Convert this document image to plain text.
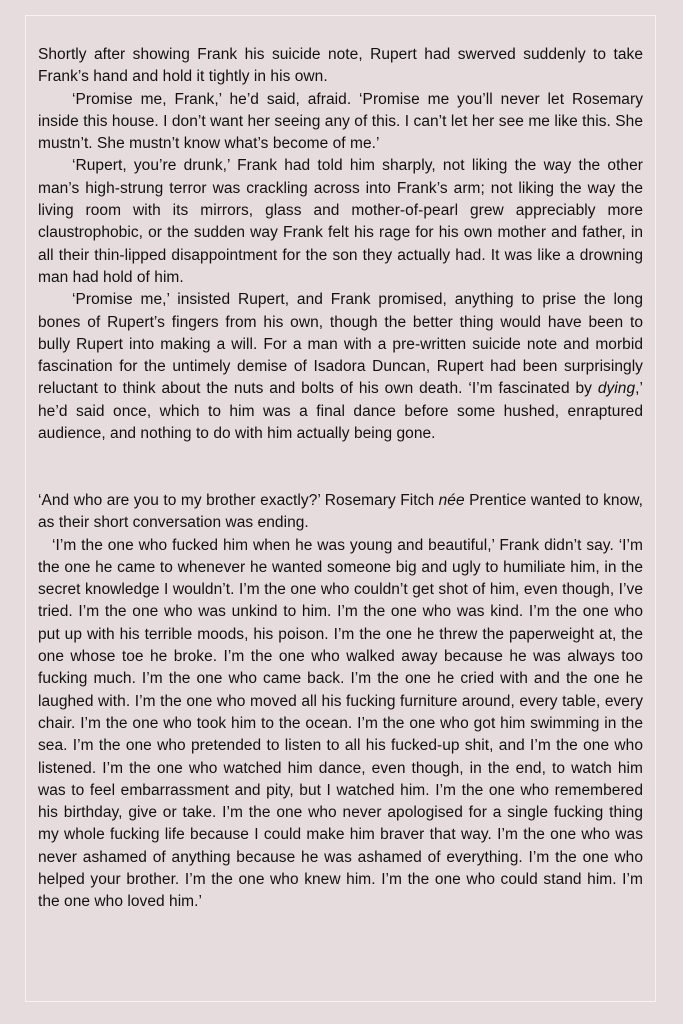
Shortly after showing Frank his suicide note, Rupert had swerved suddenly to take Frank’s hand and hold it tightly in his own.

‘Promise me, Frank,’ he’d said, afraid. ‘Promise me you’ll never let Rosemary inside this house. I don’t want her seeing any of this. I can’t let her see me like this. She mustn’t. She mustn’t know what’s become of me.’

‘Rupert, you’re drunk,’ Frank had told him sharply, not liking the way the other man’s high-strung terror was crackling across into Frank’s arm; not liking the way the living room with its mirrors, glass and mother-of-pearl grew appreciably more claustrophobic, or the sudden way Frank felt his rage for his own mother and father, in all their thin-lipped disappointment for the son they actually had. It was like a drowning man had hold of him.

‘Promise me,’ insisted Rupert, and Frank promised, anything to prise the long bones of Rupert’s fingers from his own, though the better thing would have been to bully Rupert into making a will. For a man with a pre-written suicide note and morbid fascination for the untimely demise of Isadora Duncan, Rupert had been surprisingly reluctant to think about the nuts and bolts of his own death. ‘I’m fascinated by dying,’ he’d said once, which to him was a final dance before some hushed, enraptured audience, and nothing to do with him actually being gone.

‘And who are you to my brother exactly?’ Rosemary Fitch née Prentice wanted to know, as their short conversation was ending.

‘I’m the one who fucked him when he was young and beautiful,’ Frank didn’t say. ‘I’m the one he came to whenever he wanted someone big and ugly to humiliate him, in the secret knowledge I wouldn’t. I’m the one who couldn’t get shot of him, even though, I’ve tried. I’m the one who was unkind to him. I’m the one who was kind. I’m the one who put up with his terrible moods, his poison. I’m the one he threw the paperweight at, the one whose toe he broke. I’m the one who walked away because he was always too fucking much. I’m the one who came back. I’m the one he cried with and the one he laughed with. I’m the one who moved all his fucking furniture around, every table, every chair. I’m the one who took him to the ocean. I’m the one who got him swimming in the sea. I’m the one who pretended to listen to all his fucked-up shit, and I’m the one who listened. I’m the one who watched him dance, even though, in the end, to watch him was to feel embarrassment and pity, but I watched him. I’m the one who remembered his birthday, give or take. I’m the one who never apologised for a single fucking thing my whole fucking life because I could make him braver that way. I’m the one who was never ashamed of anything because he was ashamed of everything. I’m the one who helped your brother. I’m the one who knew him. I’m the one who could stand him. I’m the one who loved him.’
